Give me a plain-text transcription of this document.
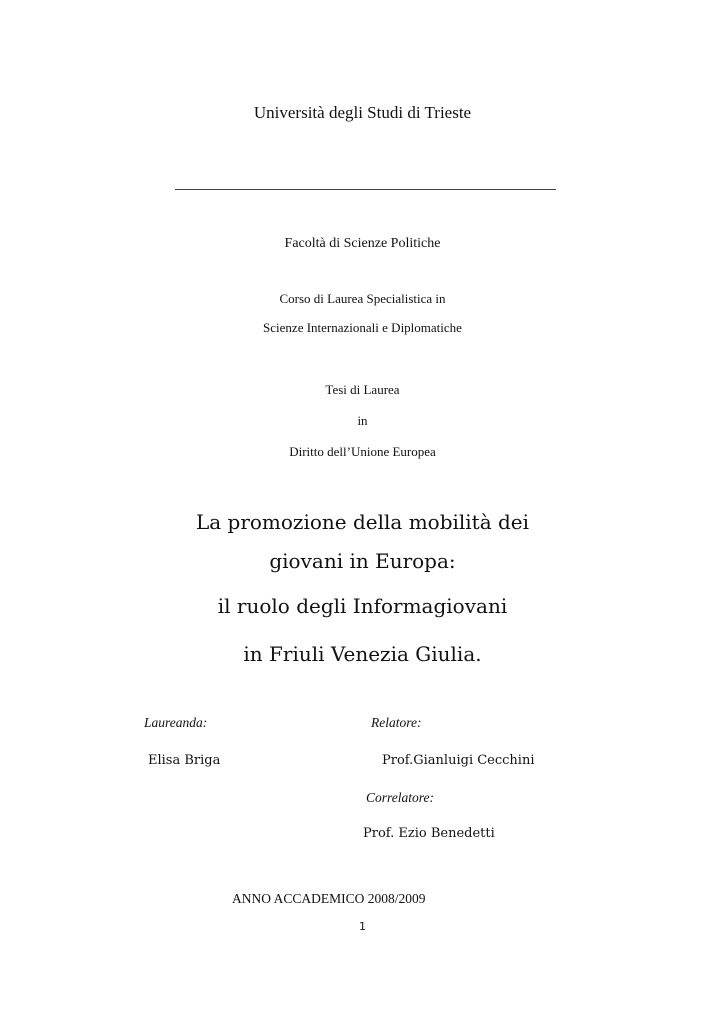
Università degli Studi di Trieste
Facoltà di Scienze Politiche
Corso di Laurea Specialistica in
Scienze Internazionali e Diplomatiche
Tesi di Laurea
in
Diritto dell’Unione Europea
La promozione della mobilità dei
giovani in Europa:
il ruolo degli Informagiovani
in Friuli Venezia Giulia.
Laureanda:
Elisa Briga
Relatore:
Prof.Gianluigi Cecchini
Correlatore:
Prof. Ezio Benedetti
ANNO ACCADEMICO 2008/2009
1
